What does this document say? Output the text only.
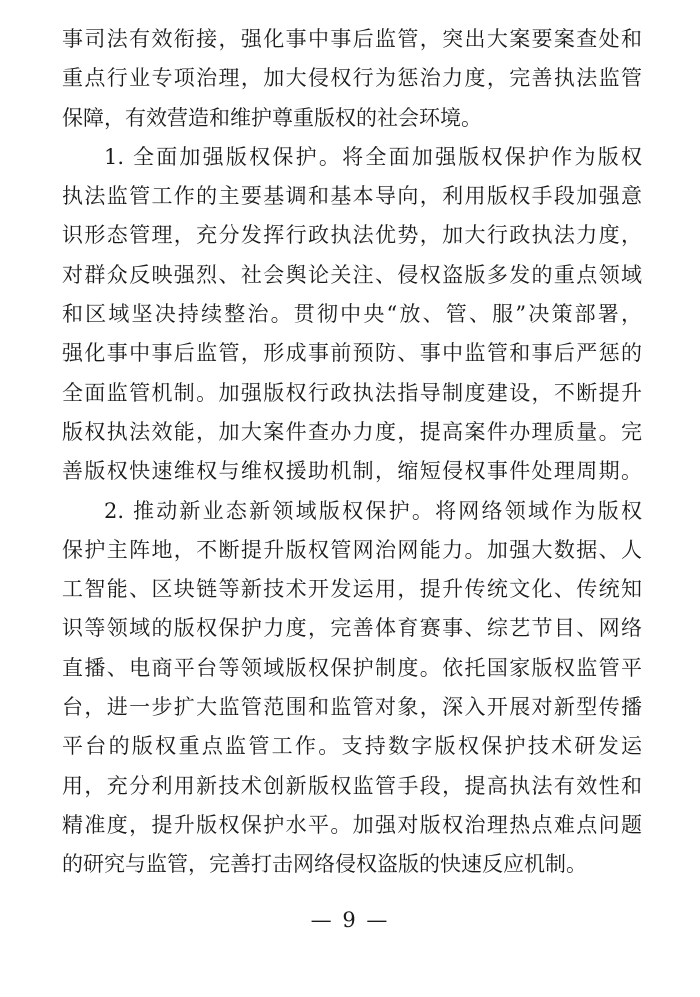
事司法有效衔接，强化事中事后监管，突出大案要案查处和
重点行业专项治理，加大侵权行为惩治力度，完善执法监管
保障，有效营造和维护尊重版权的社会环境。
1. 全面加强版权保护。将全面加强版权保护作为版权
执法监管工作的主要基调和基本导向，利用版权手段加强意
识形态管理，充分发挥行政执法优势，加大行政执法力度，
对群众反映强烈、社会舆论关注、侵权盗版多发的重点领域
和区域坚决持续整治。贯彻中央“放、管、服”决策部署，
强化事中事后监管，形成事前预防、事中监管和事后严惩的
全面监管机制。加强版权行政执法指导制度建设，不断提升
版权执法效能，加大案件查办力度，提高案件办理质量。完
善版权快速维权与维权援助机制，缩短侵权事件处理周期。
2. 推动新业态新领域版权保护。将网络领域作为版权
保护主阵地，不断提升版权管网治网能力。加强大数据、人
工智能、区块链等新技术开发运用，提升传统文化、传统知
识等领域的版权保护力度，完善体育赛事、综艺节目、网络
直播、电商平台等领域版权保护制度。依托国家版权监管平
台，进一步扩大监管范围和监管对象，深入开展对新型传播
平台的版权重点监管工作。支持数字版权保护技术研发运
用，充分利用新技术创新版权监管手段，提高执法有效性和
精准度，提升版权保护水平。加强对版权治理热点难点问题
的研究与监管，完善打击网络侵权盗版的快速反应机制。
— 9 —
